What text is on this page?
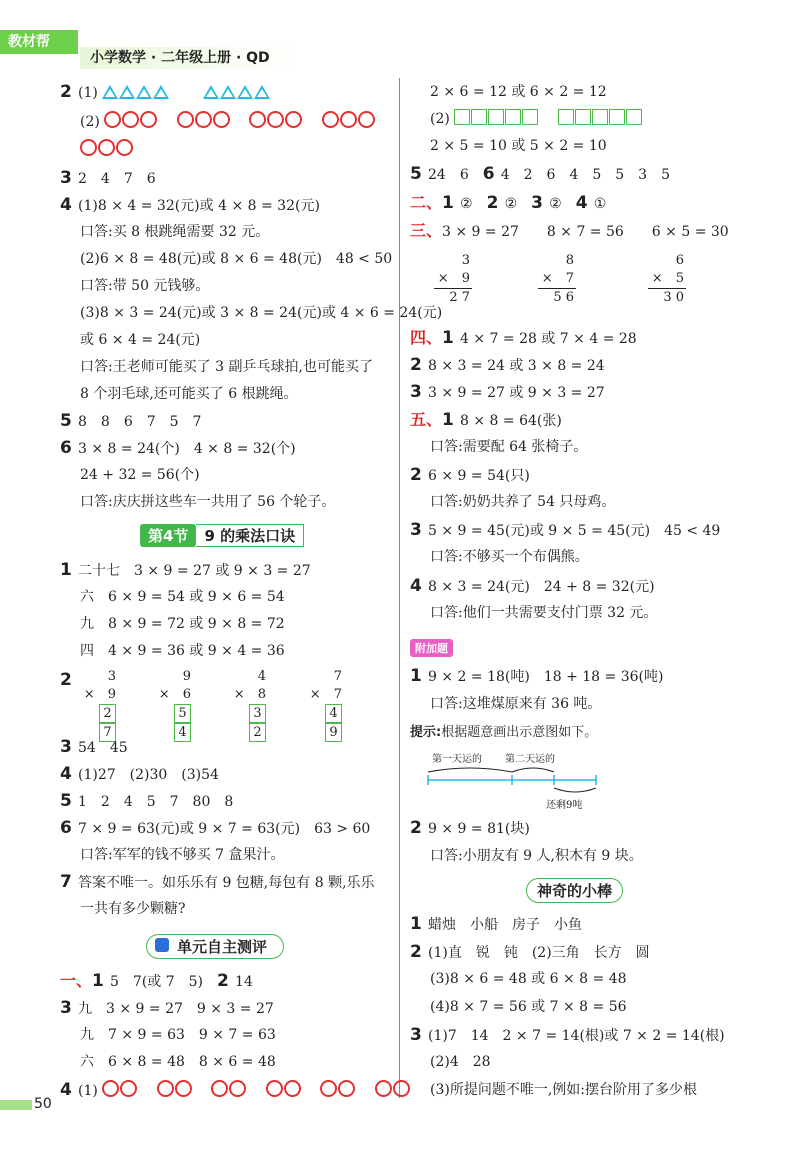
教材帮
小学数学 · 二年级上册 · QD
2 (1)
(2)
3 2　4　7　6
4 (1)8 × 4 = 32(元)或 4 × 8 = 32(元)
口答:买 8 根跳绳需要 32 元。
(2)6 × 8 = 48(元)或 8 × 6 = 48(元)　48 < 50
口答:带 50 元钱够。
(3)8 × 3 = 24(元)或 3 × 8 = 24(元)或 4 × 6 = 24(元)
或 6 × 4 = 24(元)
口答:王老师可能买了 3 副乒乓球拍,也可能买了
8 个羽毛球,还可能买了 6 根跳绳。
5 8　8　6　7　5　7
6 3 × 8 = 24(个)　4 × 8 = 32(个)
24 + 32 = 56(个)
口答:庆庆拼这些车一共用了 56 个轮子。
第4节 9 的乘法口诀
1 二十七　3 × 9 = 27 或 9 × 3 = 27
六　6 × 9 = 54 或 9 × 6 = 54
九　8 × 9 = 72 或 9 × 8 = 72
四　4 × 9 = 36 或 9 × 4 = 36
2	3
×　 9
27
9
×　 6
54
4
×　 8
32
7
×　 7
49
3 54　45
4 (1)27　(2)30　(3)54
5 1　2　4　5　7　80　8
6 7 × 9 = 63(元)或 9 × 7 = 63(元)　63 > 60
口答:军军的钱不够买 7 盒果汁。
7 答案不唯一。如乐乐有 9 包糖,每包有 8 颗,乐乐
一共有多少颗糖?
单元自主测评
一、1 5　7(或 7　5)　 2 14
3 九　3 × 9 = 27　9 × 3 = 27
九　7 × 9 = 63　9 × 7 = 63
六　6 × 8 = 48　8 × 6 = 48
4 (1)
2 × 6 = 12 或 6 × 2 = 12
(2)
2 × 5 = 10 或 5 × 2 = 10
5 24　6　 6 4　2　6　4　5　5　3　5
二、1 ②　 2 ②　 3 ②　 4 ①
三、3 × 9 = 27　　8 × 7 = 56　　6 × 5 = 30
3
×　 9
2 7
8
×　 7
5 6
6
×　 5
3 0
四、1 4 × 7 = 28 或 7 × 4 = 28
2 8 × 3 = 24 或 3 × 8 = 24
3 3 × 9 = 27 或 9 × 3 = 27
五、1 8 × 8 = 64(张)
口答:需要配 64 张椅子。
2 6 × 9 = 54(只)
口答:奶奶共养了 54 只母鸡。
3 5 × 9 = 45(元)或 9 × 5 = 45(元)　45 < 49
口答:不够买一个布偶熊。
4 8 × 3 = 24(元)　24 + 8 = 32(元)
口答:他们一共需要支付门票 32 元。
附加题
1 9 × 2 = 18(吨)　18 + 18 = 36(吨)
口答:这堆煤原来有 36 吨。
提示:根据题意画出示意图如下。
第一天运的 第二天运的
还剩9吨
2 9 × 9 = 81(块)
口答:小朋友有 9 人,积木有 9 块。
神奇的小棒
1 蜡烛　小船　房子　小鱼
2 (1)直　锐　钝　(2)三角　长方　圆
(3)8 × 6 = 48 或 6 × 8 = 48
(4)8 × 7 = 56 或 7 × 8 = 56
3 (1)7　14　2 × 7 = 14(根)或 7 × 2 = 14(根)
(2)4　28
(3)所提问题不唯一,例如:摆台阶用了多少根
50
